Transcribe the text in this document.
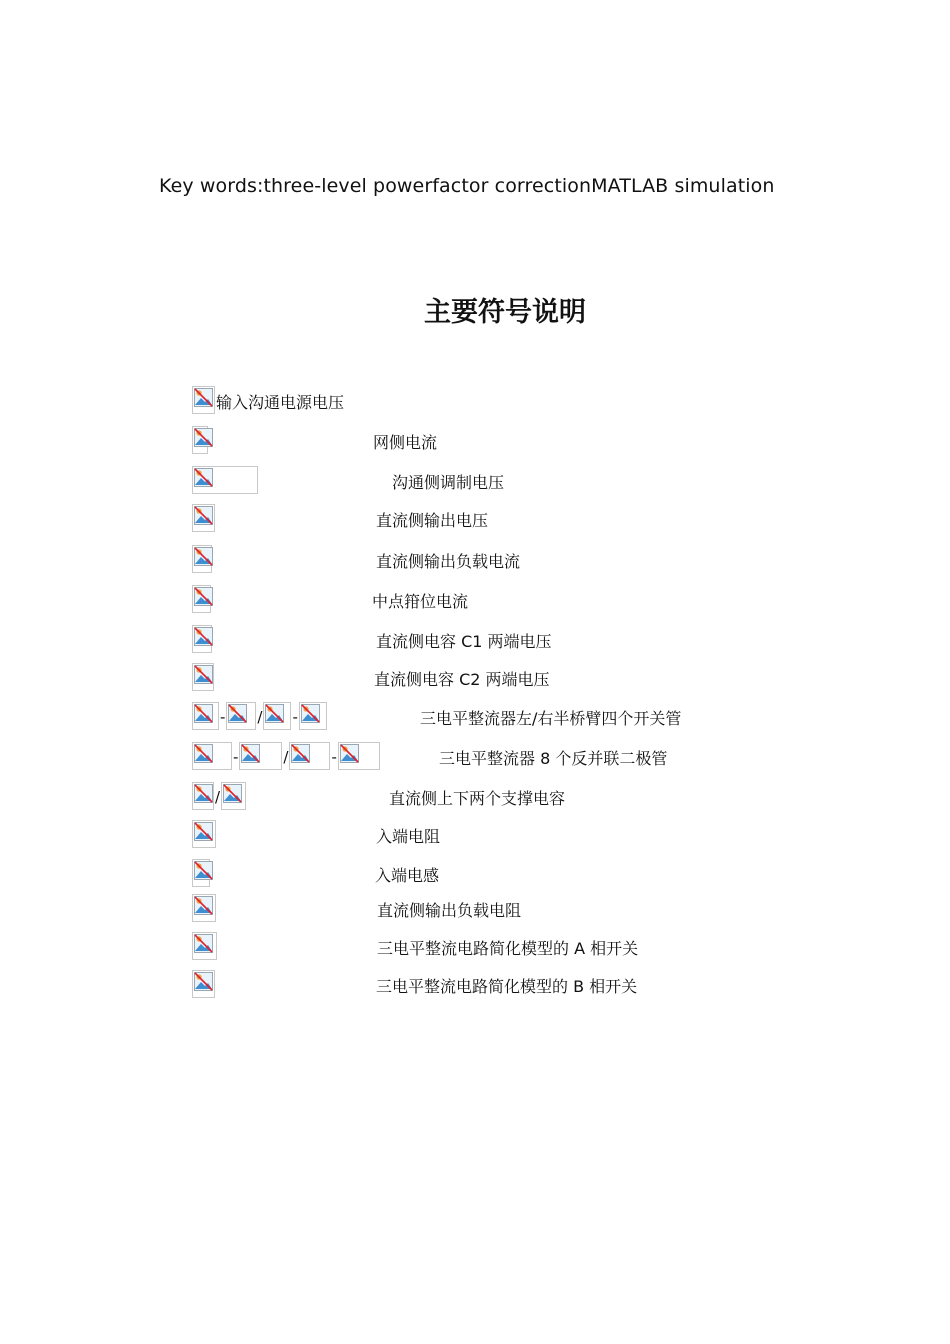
Key words:three-level powerfactor correctionMATLAB simulation
主要符号说明
输入沟通电源电压
网侧电流
沟通侧调制电压
直流侧输出电压
直流侧输出负载电流
中点箝位电流
直流侧电容 C1 两端电压
直流侧电容 C2 两端电压
- / -	三电平整流器左/右半桥臂四个开关管
-	/	-	三电平整流器 8 个反并联二极管
/	直流侧上下两个支撑电容
入端电阻
入端电感
直流侧输出负载电阻
三电平整流电路简化模型的 A 相开关
三电平整流电路简化模型的 B 相开关
